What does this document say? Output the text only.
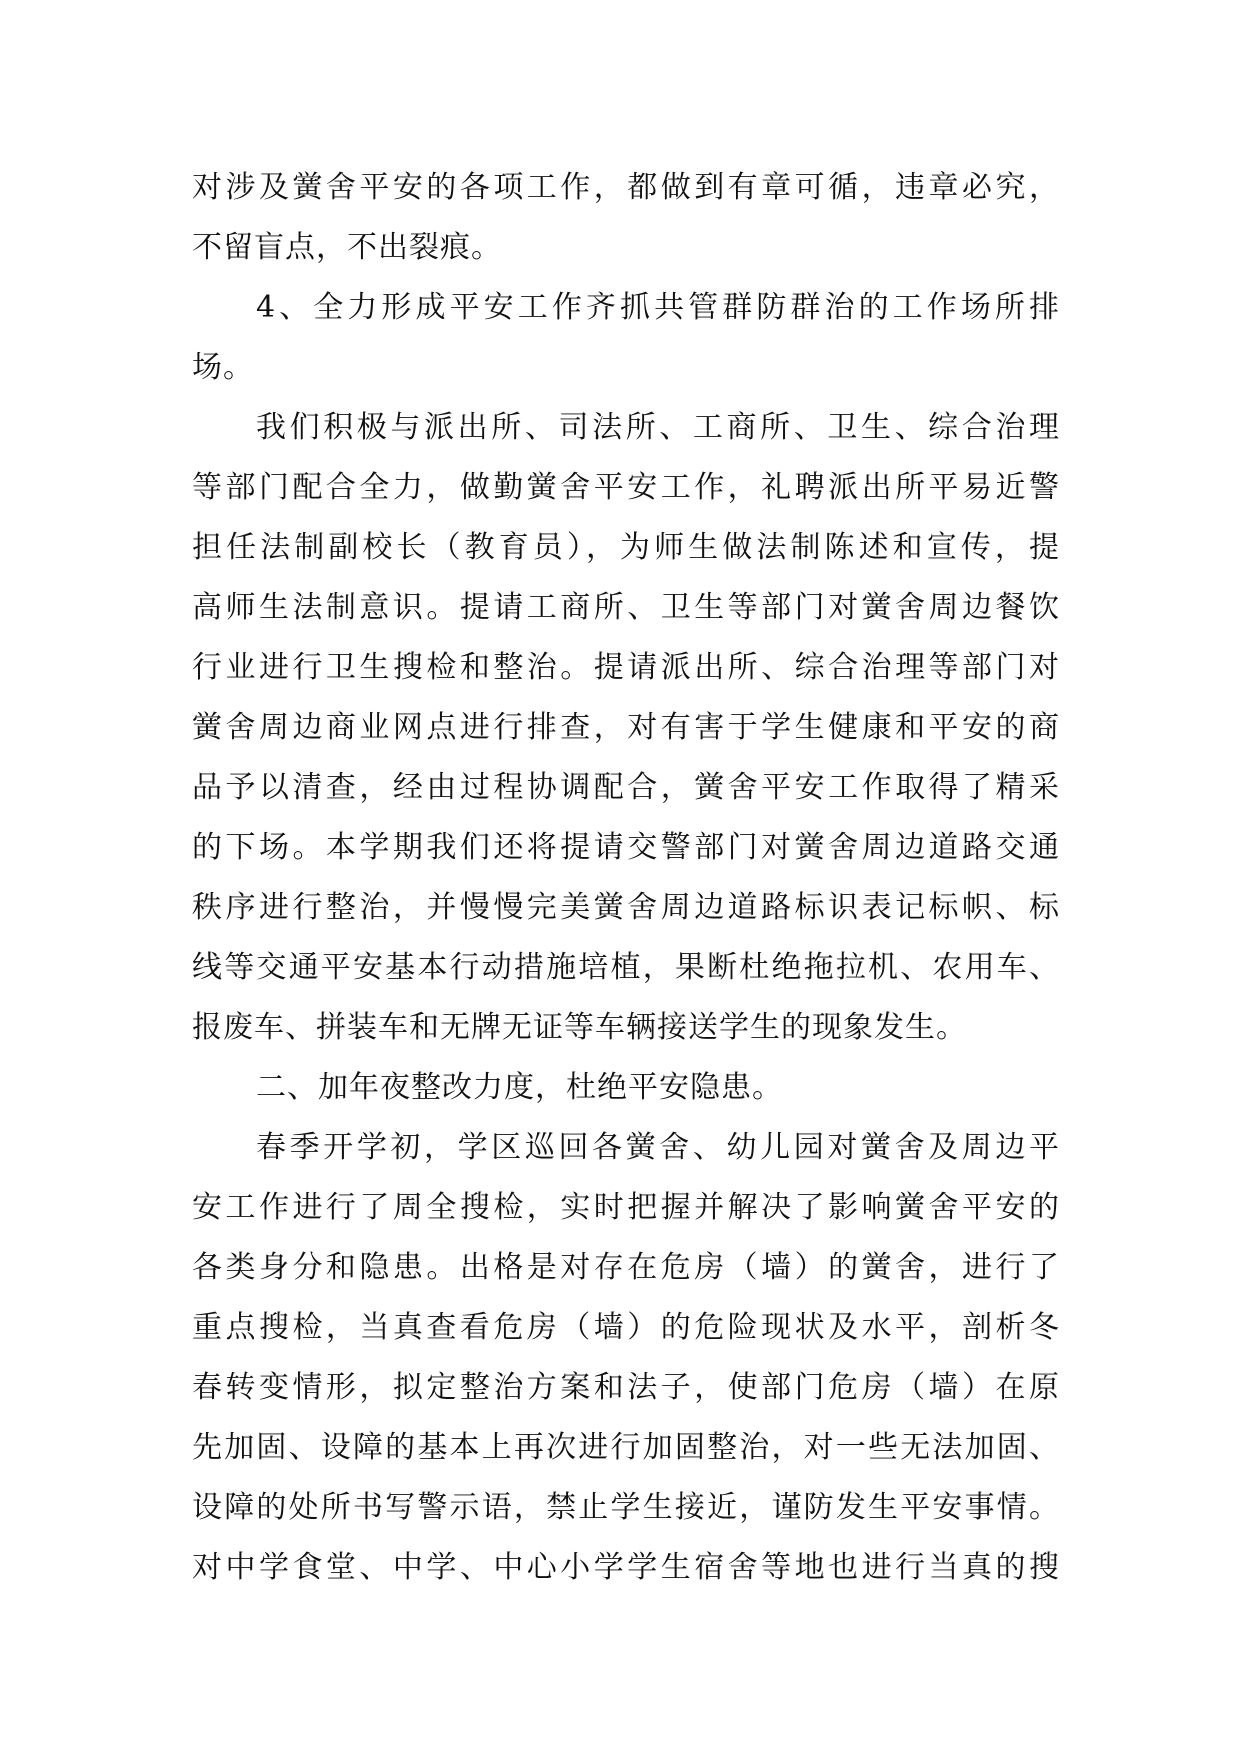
对涉及黉舍平安的各项工作，都做到有章可循，违章必究，
不留盲点，不出裂痕。
4、全力形成平安工作齐抓共管群防群治的工作场所排
场。
我们积极与派出所、司法所、工商所、卫生、综合治理
等部门配合全力，做勤黉舍平安工作，礼聘派出所平易近警
担任法制副校长（教育员），为师生做法制陈述和宣传，提
高师生法制意识。提请工商所、卫生等部门对黉舍周边餐饮
行业进行卫生搜检和整治。提请派出所、综合治理等部门对
黉舍周边商业网点进行排查，对有害于学生健康和平安的商
品予以清查，经由过程协调配合，黉舍平安工作取得了精采
的下场。本学期我们还将提请交警部门对黉舍周边道路交通
秩序进行整治，并慢慢完美黉舍周边道路标识表记标帜、标
线等交通平安基本行动措施培植，果断杜绝拖拉机、农用车、
报废车、拼装车和无牌无证等车辆接送学生的现象发生。
二、加年夜整改力度，杜绝平安隐患。
春季开学初，学区巡回各黉舍、幼儿园对黉舍及周边平
安工作进行了周全搜检，实时把握并解决了影响黉舍平安的
各类身分和隐患。出格是对存在危房（墙）的黉舍，进行了
重点搜检，当真查看危房（墙）的危险现状及水平，剖析冬
春转变情形，拟定整治方案和法子，使部门危房（墙）在原
先加固、设障的基本上再次进行加固整治，对一些无法加固、
设障的处所书写警示语，禁止学生接近，谨防发生平安事情。
对中学食堂、中学、中心小学学生宿舍等地也进行当真的搜
